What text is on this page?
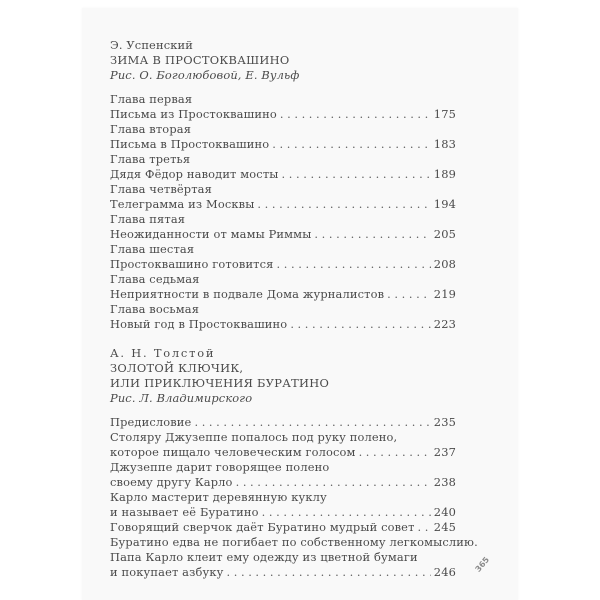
Э. Успенский
ЗИМА В ПРОСТОКВАШИНО
Рис. О. Боголюбовой, Е. Вульф
Глава первая
Письма из Простоквашино . . .	175
Глава вторая
Письма в Простоквашино . . .	183
Глава третья
Дядя Фёдор наводит мосты . . .	189
Глава четвёртая
Телеграмма из Москвы . . .	194
Глава пятая
Неожиданности от мамы Риммы . . .	205
Глава шестая
Простоквашино готовится . . .	208
Глава седьмая
Неприятности в подвале Дома журналистов . . .	219
Глава восьмая
Новый год в Простоквашино . . .	223
А. Н. Толстой
ЗОЛОТОЙ КЛЮЧИК,
ИЛИ ПРИКЛЮЧЕНИЯ БУРАТИНО
Рис. Л. Владимирского
Предисловие . . .	235
Столяру Джузеппе попалось под руку полено,
которое пищало человеческим голосом . . .	237
Джузеппе дарит говорящее полено
своему другу Карло . . .	238
Карло мастерит деревянную куклу
и называет её Буратино . . .	240
Говорящий сверчок даёт Буратино мудрый совет . . . 245
Буратино едва не погибает по собственному легкомыслию.
Папа Карло клеит ему одежду из цветной бумаги
и покупает азбуку . . .	246 365
